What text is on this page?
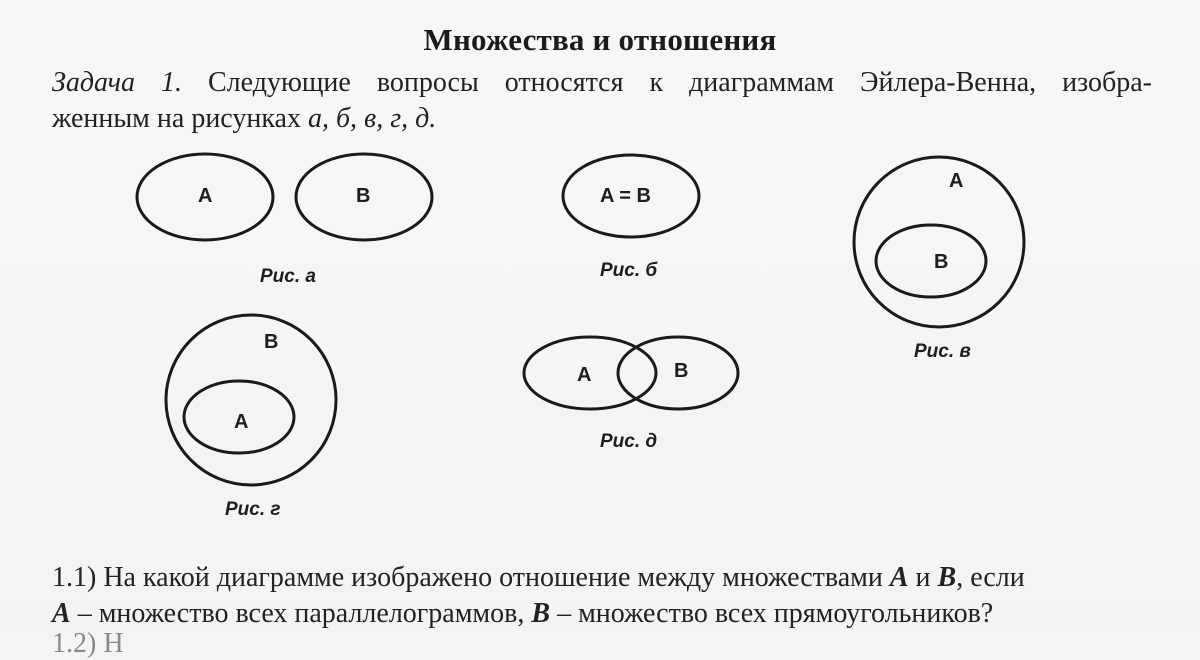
Множества и отношения
Задача 1. Следующие вопросы относятся к диаграммам Эйлера-Венна, изобра-
женным на рисунках а, б, в, г, д.
A	B
Рис. а
A = B
Рис. б
A
B
Рис. в
B
A
Рис. г
A	B
Рис. д
1.1) На какой диаграмме изображено отношение между множествами A и B, если
A – множество всех параллелограммов, B – множество всех прямоугольников?
1.2) Н
